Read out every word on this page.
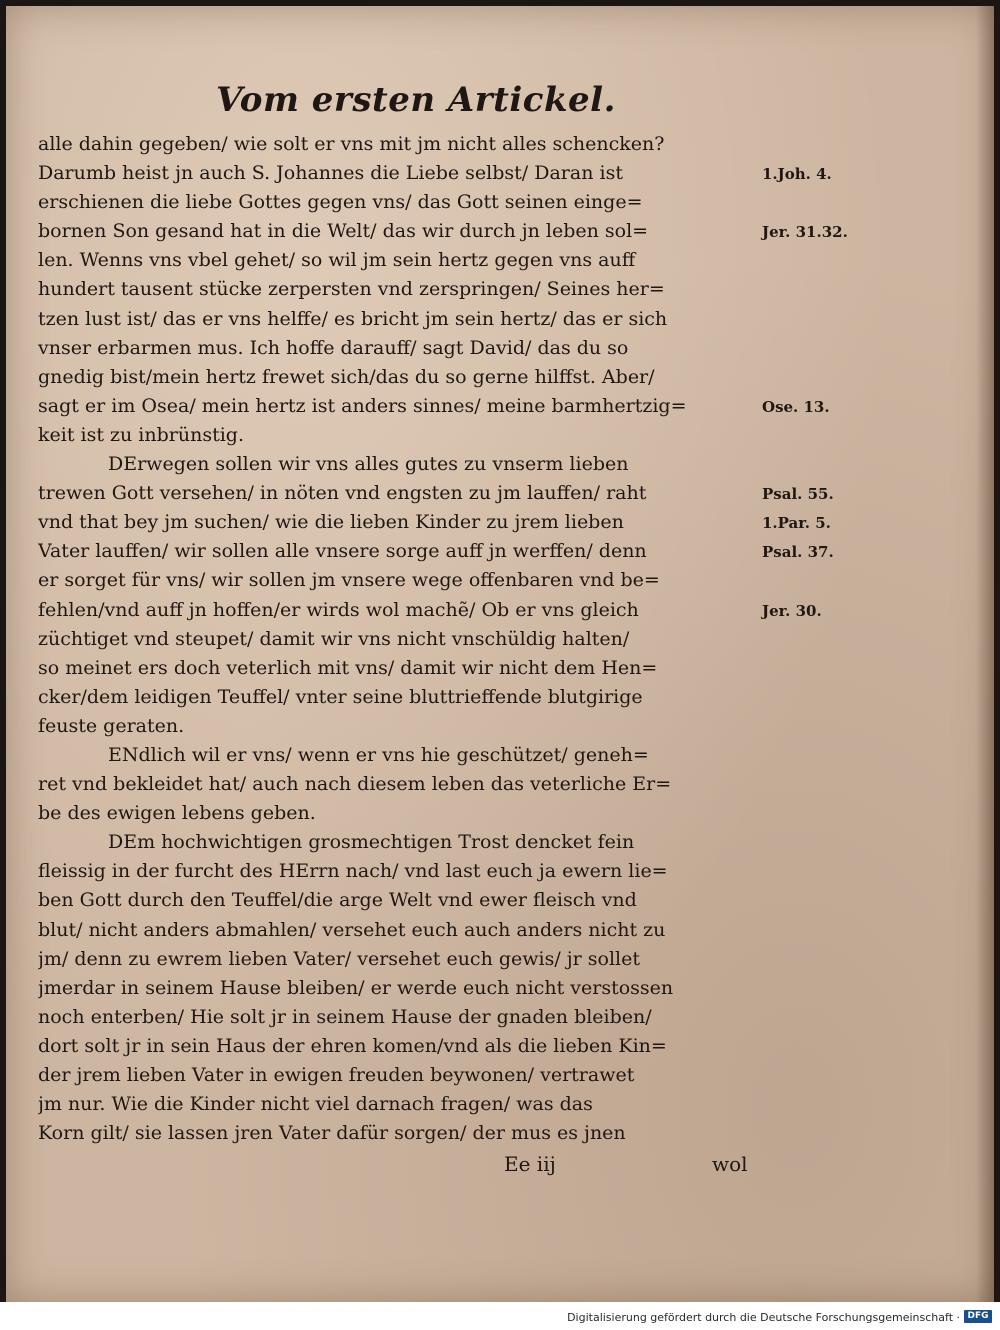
Vom ersten Artickel.
alle dahin gegeben/ wie solt er vns mit jm nicht alles schencken?
Darumb heist jn auch S. Johannes die Liebe selbst/ Daran ist
erschienen die liebe Gottes gegen vns/ das Gott seinen einge=
bornen Son gesand hat in die Welt/ das wir durch jn leben sol=
len. Wenns vns vbel gehet/ so wil jm sein hertz gegen vns auff
hundert tausent stücke zerpersten vnd zerspringen/ Seines her=
tzen lust ist/ das er vns helffe/ es bricht jm sein hertz/ das er sich
vnser erbarmen mus. Ich hoffe darauff/ sagt David/ das du so
gnedig bist/mein hertz frewet sich/das du so gerne hilffst. Aber/
sagt er im Osea/ mein hertz ist anders sinnes/ meine barmhertzig=
keit ist zu inbrünstig.
DErwegen sollen wir vns alles gutes zu vnserm lieben
trewen Gott versehen/ in nöten vnd engsten zu jm lauffen/ raht
vnd that bey jm suchen/ wie die lieben Kinder zu jrem lieben
Vater lauffen/ wir sollen alle vnsere sorge auff jn werffen/ denn
er sorget für vns/ wir sollen jm vnsere wege offenbaren vnd be=
fehlen/vnd auff jn hoffen/er wirds wol machẽ/ Ob er vns gleich
züchtiget vnd steupet/ damit wir vns nicht vnschüldig halten/
so meinet ers doch veterlich mit vns/ damit wir nicht dem Hen=
cker/dem leidigen Teuffel/ vnter seine bluttrieffende blutgirige
feuste geraten.
ENdlich wil er vns/ wenn er vns hie geschützet/ geneh=
ret vnd bekleidet hat/ auch nach diesem leben das veterliche Er=
be des ewigen lebens geben.
DEm hochwichtigen grosmechtigen Trost dencket fein
fleissig in der furcht des HErrn nach/ vnd last euch ja ewern lie=
ben Gott durch den Teuffel/die arge Welt vnd ewer fleisch vnd
blut/ nicht anders abmahlen/ versehet euch auch anders nicht zu
jm/ denn zu ewrem lieben Vater/ versehet euch gewis/ jr sollet
jmerdar in seinem Hause bleiben/ er werde euch nicht verstossen
noch enterben/ Hie solt jr in seinem Hause der gnaden bleiben/
dort solt jr in sein Haus der ehren komen/vnd als die lieben Kin=
der jrem lieben Vater in ewigen freuden beywonen/ vertrawet
jm nur. Wie die Kinder nicht viel darnach fragen/ was das
Korn gilt/ sie lassen jren Vater dafür sorgen/ der mus es jnen
1.Joh. 4.
Jer. 31.32.
Ose. 13.
Psal. 55.
1.Par. 5.
Psal. 37.
Jer. 30.
Ee iij	wol
Digitalisierung gefördert durch die Deutsche Forschungsgemeinschaft · DFG
